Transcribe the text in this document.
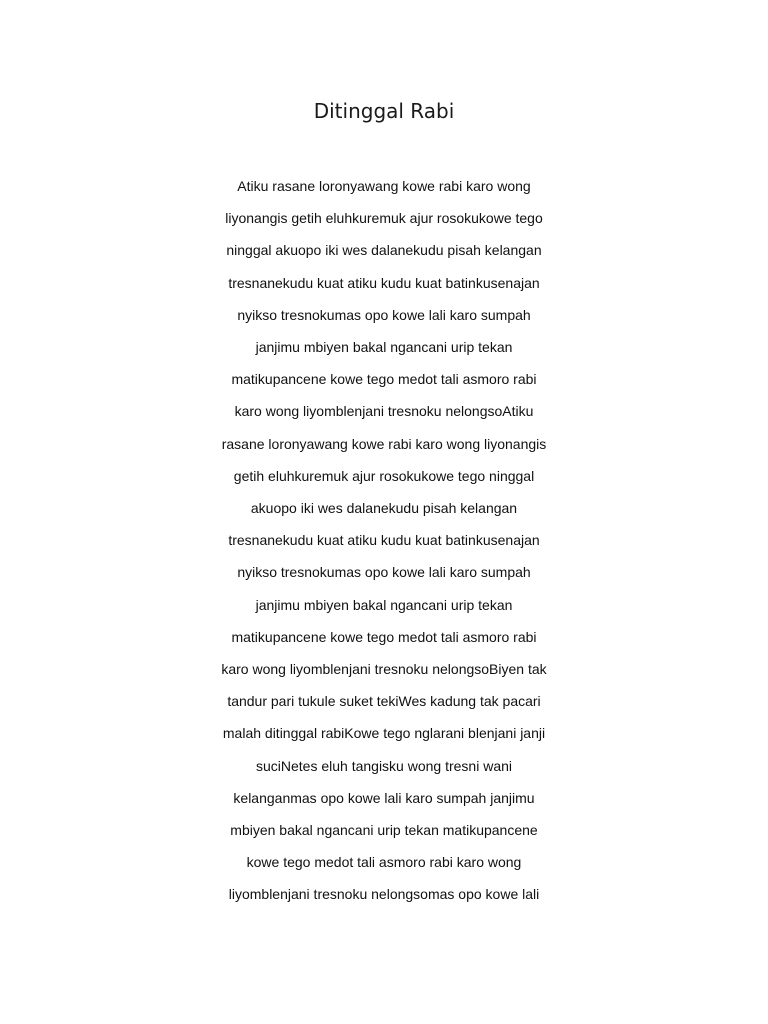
Ditinggal Rabi
Atiku rasane loronyawang kowe rabi karo wong
liyonangis getih eluhkuremuk ajur rosokukowe tego
ninggal akuopo iki wes dalanekudu pisah kelangan
tresnanekudu kuat atiku kudu kuat batinkusenajan
nyikso tresnokumas opo kowe lali karo sumpah
janjimu mbiyen bakal ngancani urip tekan
matikupancene kowe tego medot tali asmoro rabi
karo wong liyomblenjani tresnoku nelongsoAtiku
rasane loronyawang kowe rabi karo wong liyonangis
getih eluhkuremuk ajur rosokukowe tego ninggal
akuopo iki wes dalanekudu pisah kelangan
tresnanekudu kuat atiku kudu kuat batinkusenajan
nyikso tresnokumas opo kowe lali karo sumpah
janjimu mbiyen bakal ngancani urip tekan
matikupancene kowe tego medot tali asmoro rabi
karo wong liyomblenjani tresnoku nelongsoBiyen tak
tandur pari tukule suket tekiWes kadung tak pacari
malah ditinggal rabiKowe tego nglarani blenjani janji
suciNetes eluh tangisku wong tresni wani
kelanganmas opo kowe lali karo sumpah janjimu
mbiyen bakal ngancani urip tekan matikupancene
kowe tego medot tali asmoro rabi karo wong
liyomblenjani tresnoku nelongsomas opo kowe lali
